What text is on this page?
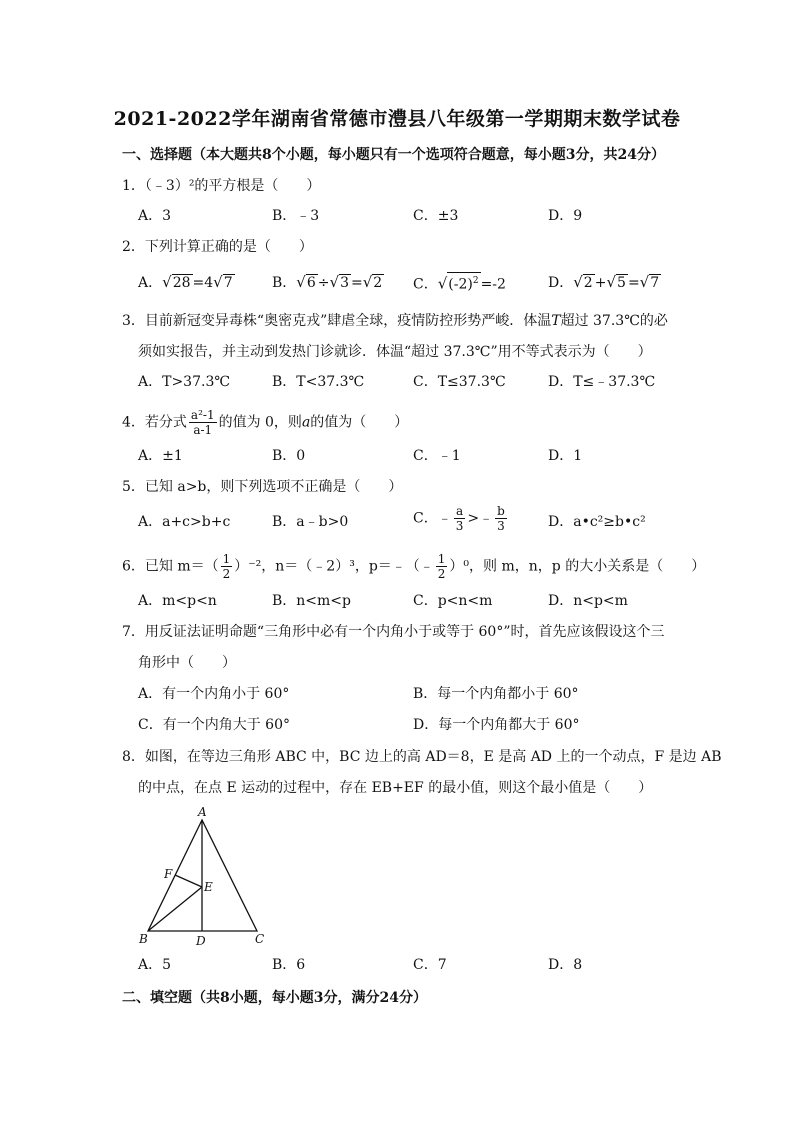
2021-2022学年湖南省常德市澧县八年级第一学期期末数学试卷
一、选择题（本大题共8个小题，每小题只有一个选项符合题意，每小题3分，共24分）
1．（﹣3）²的平方根是（　　）
A．3	B．﹣3	C．±3	D．9
2．下列计算正确的是（　　）
A．√28 =4√7	B．√6 ÷√3 =√2 C．$√(-2)^2 =-2$	D．√2 +√5 =√7
3．目前新冠变异毒株“奥密克戎”肆虐全球，疫情防控形势严峻．体温T超过 37.3℃的必
须如实报告，并主动到发热门诊就诊．体温“超过 37.3℃”用不等式表示为（　　）
A．T>37.3℃	B．T<37.3℃	C．T≤37.3℃	D．T≤﹣37.3℃
4．若分式 $\frac{\text{a²-1}}{a-1}$ 的值为 0，则a的值为（　　）
A．±1	B．0	C．﹣1	D．1
5．已知 a>b，则下列选项不正确是（　　）
A．a+c>b+c	B．a﹣b>0	C．﹣ $\frac{a}{3}$ >﹣ $\frac{b}{3}$	D．a•c²≥b•c²
6．已知 $m=( \frac{1}{2} )^{-2}$，n＝（﹣2）³，p＝﹣（﹣ $\frac{1}{2} )^0$，则 m，n，p 的大小关系是（　　）
A．m<p<n	B．n<m<p	C．p<n<m	D．n<p<m
7．用反证法证明命题“三角形中必有一个内角小于或等于 60°”时，首先应该假设这个三
角形中（　　）
A．有一个内角小于 60°	B．每一个内角都小于 60°
C．有一个内角大于 60°	D．每一个内角都大于 60°
8．如图，在等边三角形 ABC 中，BC 边上的高 AD＝8，E 是高 AD 上的一个动点，F 是边 AB
的中点，在点 E 运动的过程中，存在 EB+EF 的最小值，则这个最小值是（　　）
A
B	C
D
E
F
A．5	B．6	C．7	D．8
二、填空题（共8小题，每小题3分，满分24分）
